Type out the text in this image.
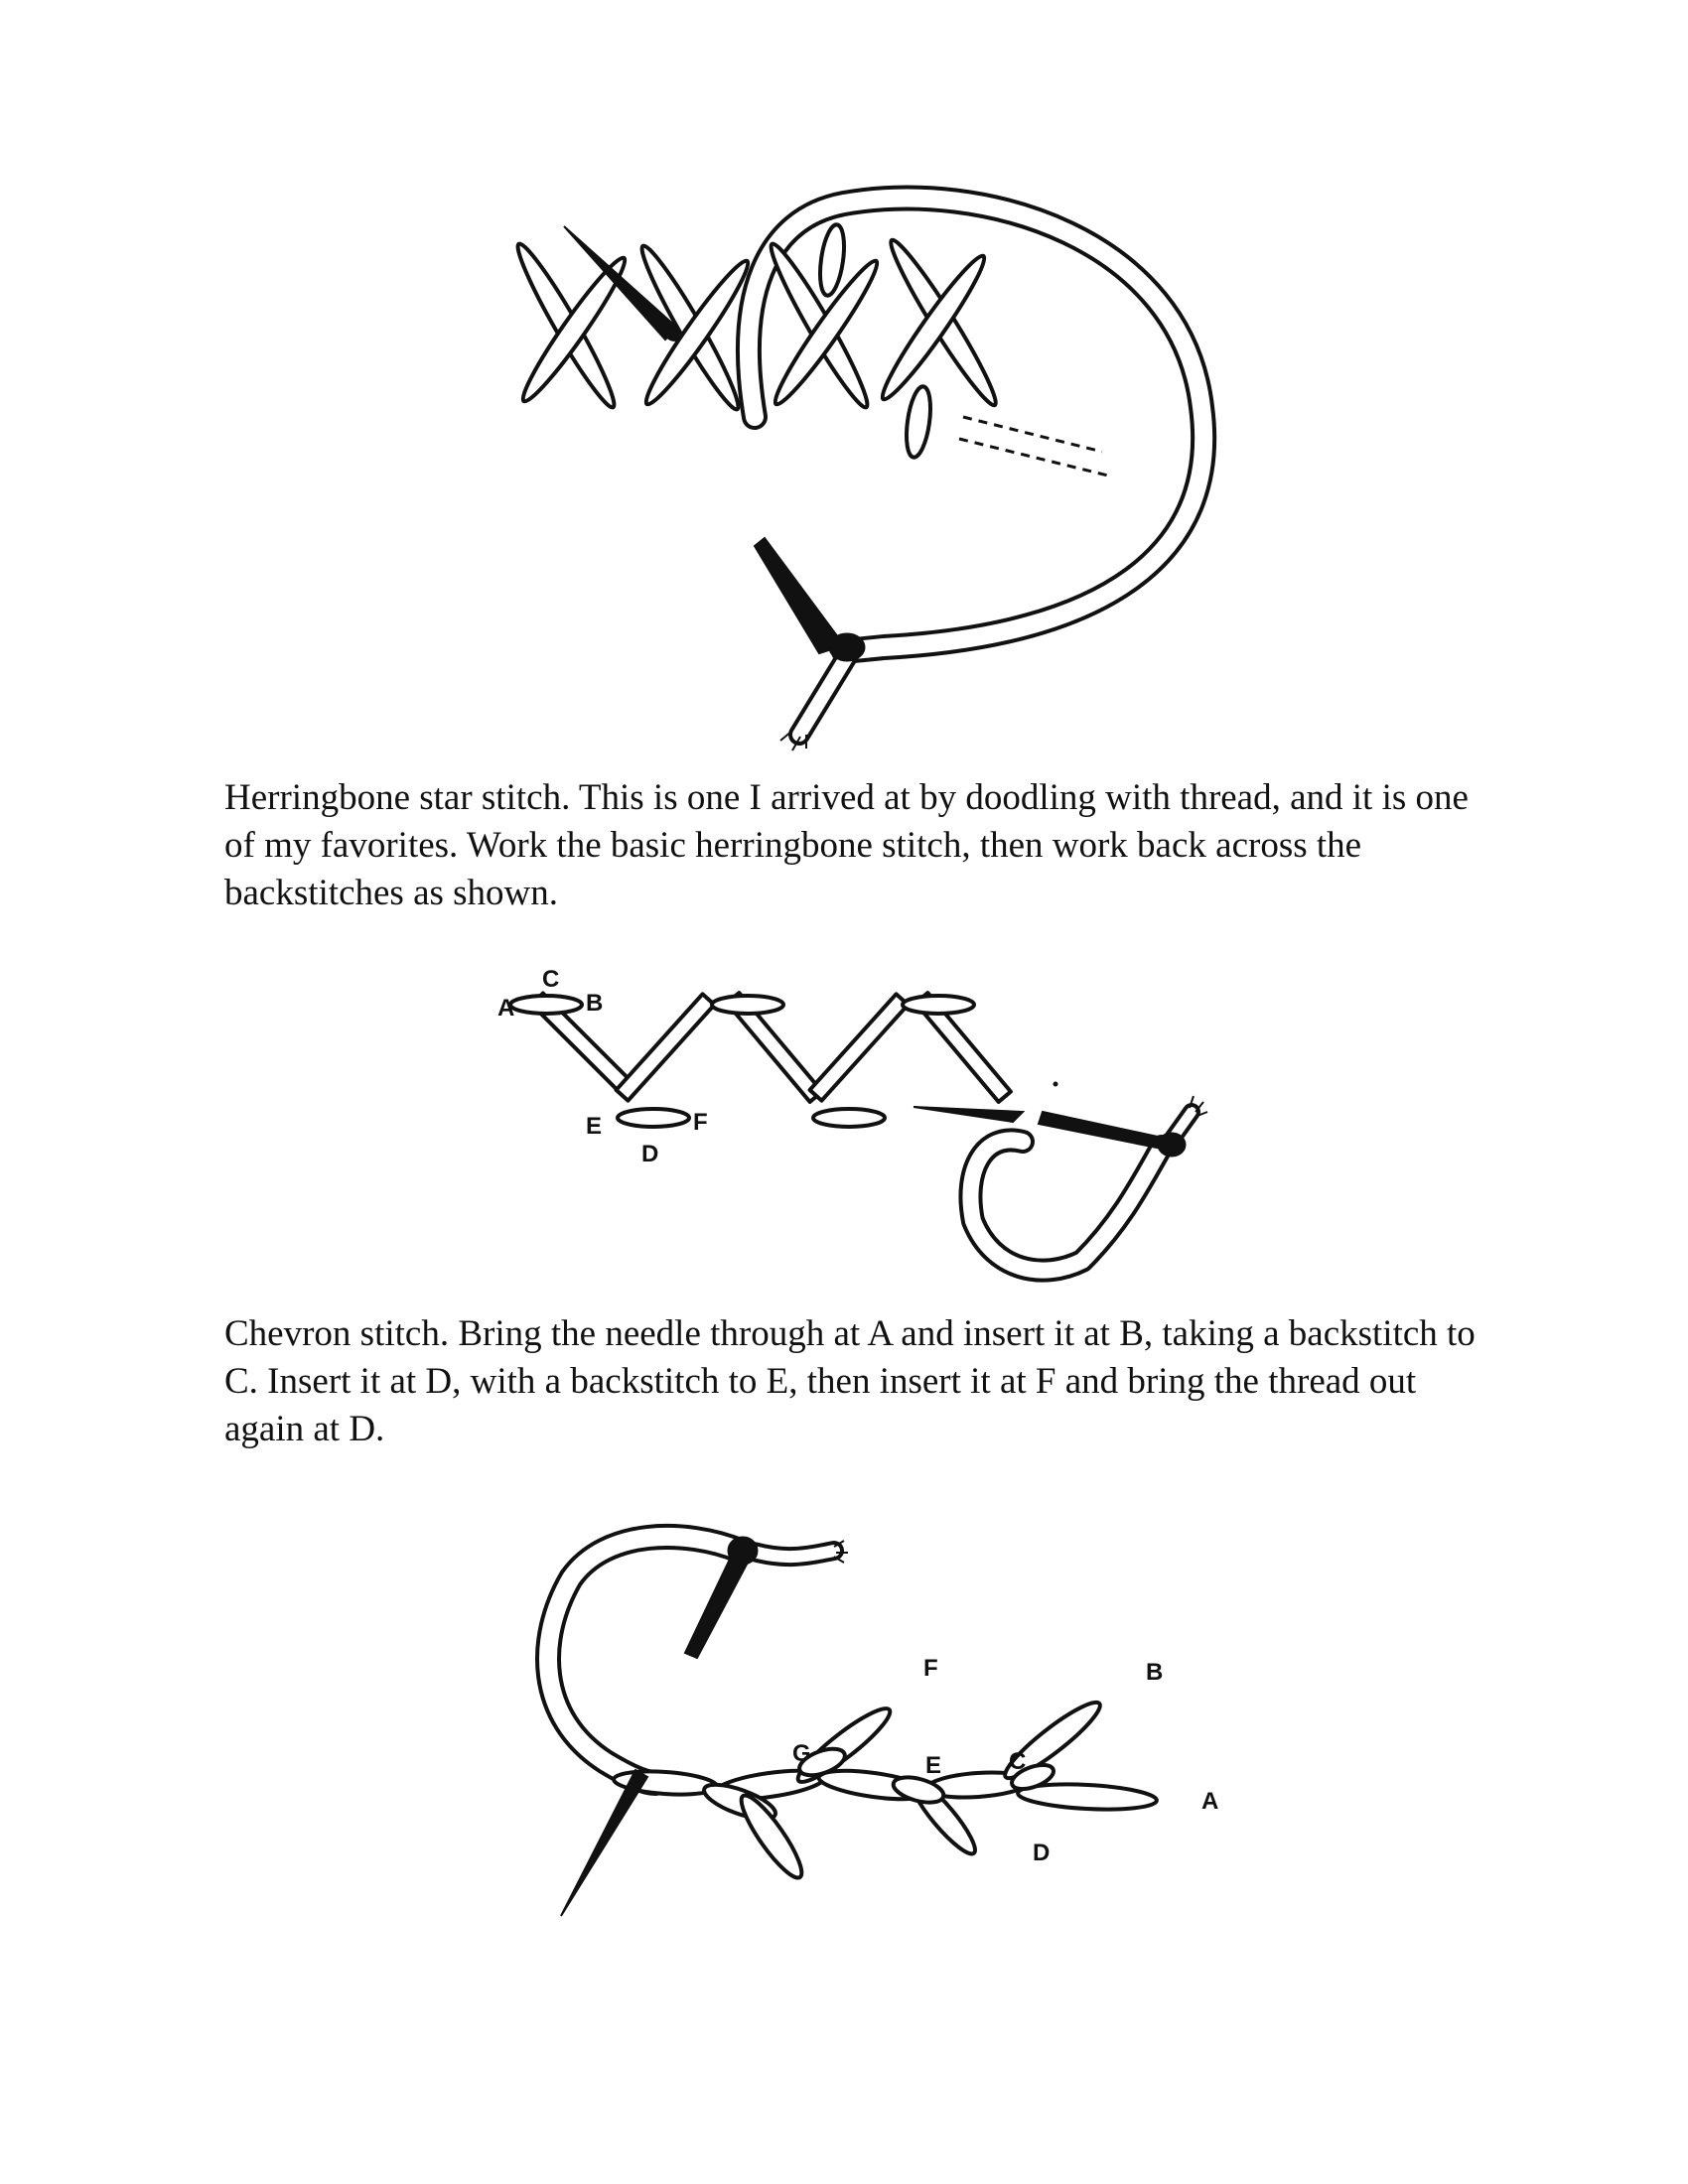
Herringbone star stitch. This is one I arrived at by doodling with thread, and it is one of my favorites. Work the basic herringbone stitch, then work back across the backstitches as shown.

A	B
C
D
E	F

Chevron stitch. Bring the needle through at A and insert it at B, taking a backstitch to C. Insert it at D, with a backstitch to E, then insert it at F and bring the thread out again at D.

A
B
C
D
E
F
G
